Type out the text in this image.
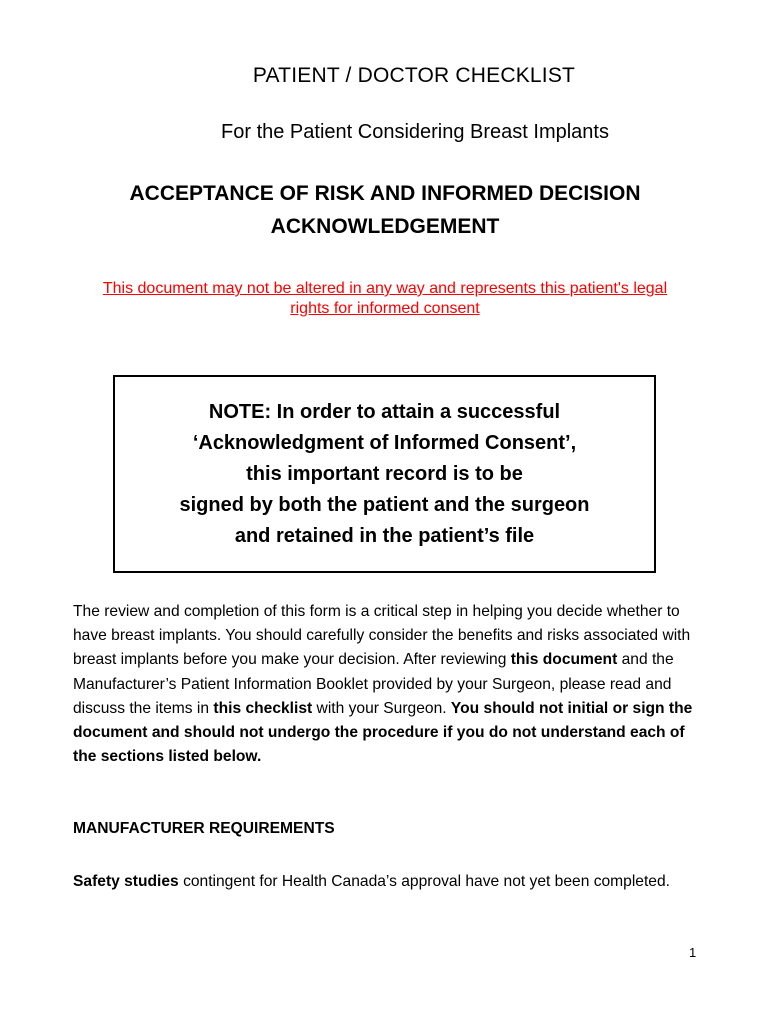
PATIENT / DOCTOR CHECKLIST
For the Patient Considering Breast Implants
ACCEPTANCE OF RISK AND INFORMED DECISION
ACKNOWLEDGEMENT
This document may not be altered in any way and represents this patient's legal
rights for informed consent
NOTE: In order to attain a successful
‘Acknowledgment of Informed Consent’,
this important record is to be
signed by both the patient and the surgeon
and retained in the patient’s file
The review and completion of this form is a critical step in helping you decide whether to have breast implants. You should carefully consider the benefits and risks associated with breast implants before you make your decision. After reviewing this document and the Manufacturer’s Patient Information Booklet provided by your Surgeon, please read and discuss the items in this checklist with your Surgeon. You should not initial or sign the document and should not undergo the procedure if you do not understand each of the sections listed below.
MANUFACTURER REQUIREMENTS
Safety studies contingent for Health Canada’s approval have not yet been completed.
1
